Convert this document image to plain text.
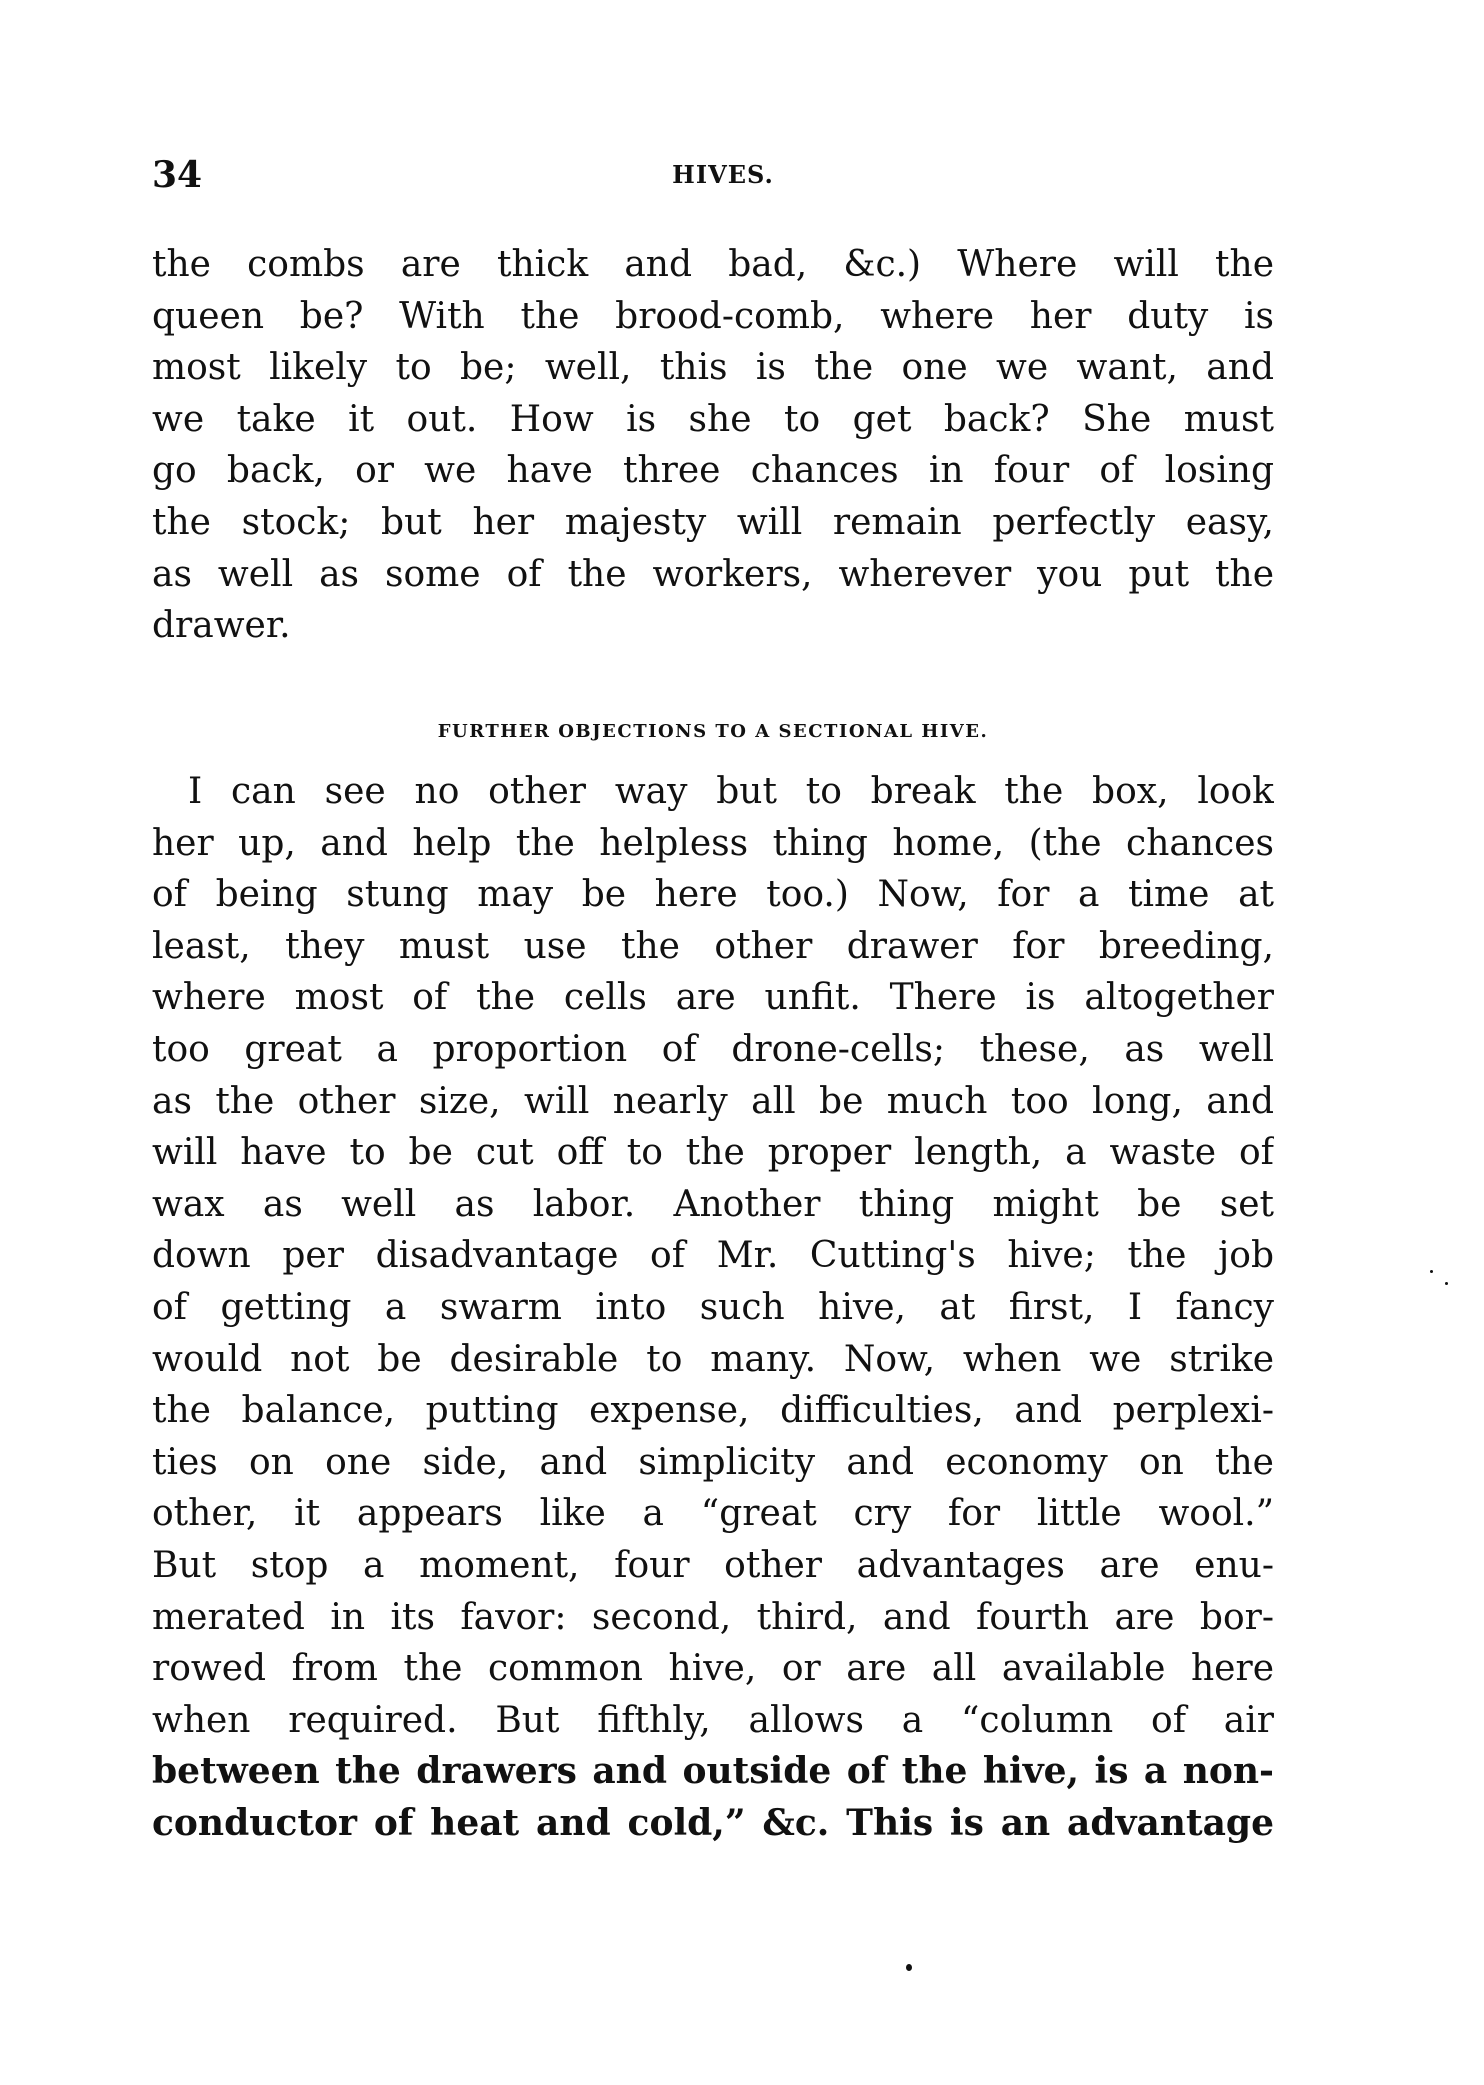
34	HIVES.
the combs are thick and bad, &c.) Where will the
queen be? With the brood-comb, where her duty is
most likely to be; well, this is the one we want, and
we take it out. How is she to get back? She must
go back, or we have three chances in four of losing
the stock; but her majesty will remain perfectly easy,
as well as some of the workers, wherever you put the
drawer.
FURTHER OBJECTIONS TO A SECTIONAL HIVE.
I can see no other way but to break the box, look
her up, and help the helpless thing home, (the chances
of being stung may be here too.) Now, for a time at
least, they must use the other drawer for breeding,
where most of the cells are unfit. There is altogether
too great a proportion of drone-cells; these, as well
as the other size, will nearly all be much too long, and
will have to be cut off to the proper length, a waste of
wax as well as labor. Another thing might be set
down per disadvantage of Mr. Cutting's hive; the job
of getting a swarm into such hive, at first, I fancy
would not be desirable to many. Now, when we strike
the balance, putting expense, difficulties, and perplexi-
ties on one side, and simplicity and economy on the
other, it appears like a “great cry for little wool.”
But stop a moment, four other advantages are enu-
merated in its favor: second, third, and fourth are bor-
rowed from the common hive, or are all available here
when required. But fifthly, allows a “column of air
between the drawers and outside of the hive, is a non-
conductor of heat and cold,” &c. This is an advantage
